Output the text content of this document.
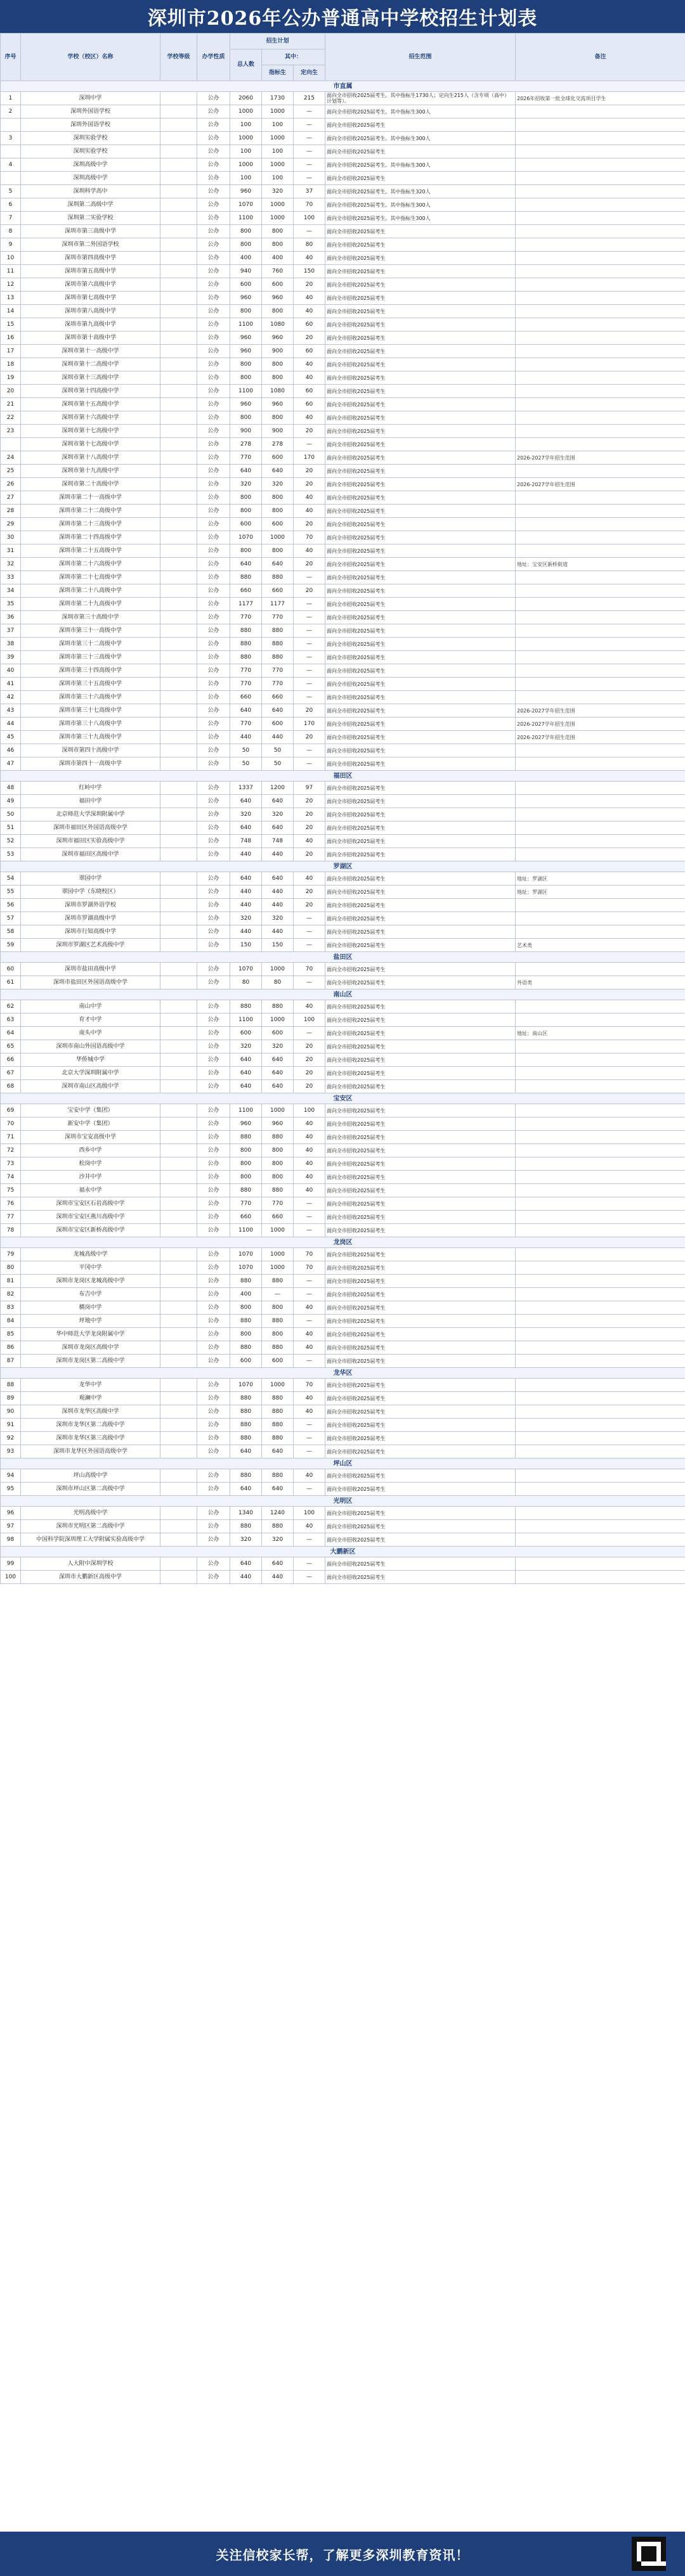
深圳市2026年公办普通高中学校招生计划表
序号	学校（校区）名称	学校等级	办学性质	招生计划			招生范围	备注
				总人数	其中：			
					指标生	定向生		
市直属								
1	深圳中学		公办	2060	1730	215	面向全市招收2025届考生。其中指标生1730人；定向生215人（含专项（高中）计划等）。	2026年招收第一批全球化交流项目学生
2	深圳外国语学校		公办	1000	1000	—	面向全市招收2025届考生。其中指标生300人	
	深圳外国语学校		公办	100	100	—	面向全市招收2025届考生	
3	深圳实验学校		公办	1000	1000	—	面向全市招收2025届考生。其中指标生300人	
	深圳实验学校		公办	100	100	—	面向全市招收2025届考生	
4	深圳高级中学		公办	1000	1000	—	面向全市招收2025届考生。其中指标生300人	
	深圳高级中学		公办	100	100	—	面向全市招收2025届考生	
5	深圳科学高中		公办	960	320	37	面向全市招收2025届考生。其中指标生320人	
6	深圳第二高级中学		公办	1070	1000	70	面向全市招收2025届考生。其中指标生300人	
7	深圳第二实验学校		公办	1100	1000	100	面向全市招收2025届考生。其中指标生300人	
8	深圳市第三高级中学		公办	800	800	—	面向全市招收2025届考生	
9	深圳市第二外国语学校		公办	800	800	80	面向全市招收2025届考生	
10	深圳市第四高级中学		公办	400	400	40	面向全市招收2025届考生	
11	深圳市第五高级中学		公办	940	760	150	面向全市招收2025届考生	
12	深圳市第六高级中学		公办	600	600	20	面向全市招收2025届考生	
13	深圳市第七高级中学		公办	960	960	40	面向全市招收2025届考生	
14	深圳市第八高级中学		公办	800	800	40	面向全市招收2025届考生	
15	深圳市第九高级中学		公办	1100	1080	60	面向全市招收2025届考生	
16	深圳市第十高级中学		公办	960	960	20	面向全市招收2025届考生	
17	深圳市第十一高级中学		公办	960	900	60	面向全市招收2025届考生	
18	深圳市第十二高级中学		公办	800	800	40	面向全市招收2025届考生	
19	深圳市第十三高级中学		公办	800	800	40	面向全市招收2025届考生	
20	深圳市第十四高级中学		公办	1100	1080	60	面向全市招收2025届考生	
21	深圳市第十五高级中学		公办	960	960	60	面向全市招收2025届考生	
22	深圳市第十六高级中学		公办	800	800	40	面向全市招收2025届考生	
23	深圳市第十七高级中学		公办	900	900	20	面向全市招收2025届考生	
	深圳市第十七高级中学		公办	278	278	—	面向全市招收2025届考生	
24	深圳市第十八高级中学		公办	770	600	170	面向全市招收2025届考生	2026-2027学年招生范围
25	深圳市第十九高级中学		公办	640	640	20	面向全市招收2025届考生	
26	深圳市第二十高级中学		公办	320	320	20	面向全市招收2025届考生	2026-2027学年招生范围
27	深圳市第二十一高级中学		公办	800	800	40	面向全市招收2025届考生	
28	深圳市第二十二高级中学		公办	800	800	40	面向全市招收2025届考生	
29	深圳市第二十三高级中学		公办	600	600	20	面向全市招收2025届考生	
30	深圳市第二十四高级中学		公办	1070	1000	70	面向全市招收2025届考生	
31	深圳市第二十五高级中学		公办	800	800	40	面向全市招收2025届考生	
32	深圳市第二十六高级中学		公办	640	640	20	面向全市招收2025届考生	地址：宝安区新桥街道
33	深圳市第二十七高级中学		公办	880	880	—	面向全市招收2025届考生	
34	深圳市第二十八高级中学		公办	660	660	20	面向全市招收2025届考生	
35	深圳市第二十九高级中学		公办	1177	1177	—	面向全市招收2025届考生	
36	深圳市第三十高级中学		公办	770	770	—	面向全市招收2025届考生	
37	深圳市第三十一高级中学		公办	880	880	—	面向全市招收2025届考生	
38	深圳市第三十二高级中学		公办	880	880	—	面向全市招收2025届考生	
39	深圳市第三十三高级中学		公办	880	880	—	面向全市招收2025届考生	
40	深圳市第三十四高级中学		公办	770	770	—	面向全市招收2025届考生	
41	深圳市第三十五高级中学		公办	770	770	—	面向全市招收2025届考生	
42	深圳市第三十六高级中学		公办	660	660	—	面向全市招收2025届考生	
43	深圳市第三十七高级中学		公办	640	640	20	面向全市招收2025届考生	2026-2027学年招生范围
44	深圳市第三十八高级中学		公办	770	600	170	面向全市招收2025届考生	2026-2027学年招生范围
45	深圳市第三十九高级中学		公办	440	440	20	面向全市招收2025届考生	2026-2027学年招生范围
46	深圳市第四十高级中学		公办	50	50	—	面向全市招收2025届考生	
47	深圳市第四十一高级中学		公办	50	50	—	面向全市招收2025届考生	
福田区								
48	红岭中学		公办	1337	1200	97	面向全市招收2025届考生	
49	福田中学		公办	640	640	20	面向全市招收2025届考生	
50	北京师范大学深圳附属中学		公办	320	320	20	面向全市招收2025届考生	
51	深圳市福田区外国语高级中学		公办	640	640	20	面向全市招收2025届考生	
52	深圳市福田区实验高级中学		公办	748	748	40	面向全市招收2025届考生	
53	深圳市福田区高级中学		公办	440	440	20	面向全市招收2025届考生	
罗湖区								
54	翠园中学		公办	640	640	40	面向全市招收2025届考生	地址：罗湖区
55	翠园中学（东晓校区）		公办	440	440	20	面向全市招收2025届考生	地址：罗湖区
56	深圳市罗湖外语学校		公办	440	440	20	面向全市招收2025届考生	
57	深圳市罗湖高级中学		公办	320	320	—	面向全市招收2025届考生	
58	深圳市行知高级中学		公办	440	440	—	面向全市招收2025届考生	
59	深圳市罗湖区艺术高级中学		公办	150	150	—	面向全市招收2025届考生	艺术类
盐田区								
60	深圳市盐田高级中学		公办	1070	1000	70	面向全市招收2025届考生	
61	深圳市盐田区外国语高级中学		公办	80	80	—	面向全市招收2025届考生	外语类
南山区								
62	南山中学		公办	880	880	40	面向全市招收2025届考生	
63	育才中学		公办	1100	1000	100	面向全市招收2025届考生	
64	南头中学		公办	600	600	—	面向全市招收2025届考生	地址：南山区
65	深圳市南山外国语高级中学		公办	320	320	20	面向全市招收2025届考生	
66	华侨城中学		公办	640	640	20	面向全市招收2025届考生	
67	北京大学深圳附属中学		公办	640	640	20	面向全市招收2025届考生	
68	深圳市南山区高级中学		公办	640	640	20	面向全市招收2025届考生	
宝安区								
69	宝安中学（集团）		公办	1100	1000	100	面向全市招收2025届考生	
70	新安中学（集团）		公办	960	960	40	面向全市招收2025届考生	
71	深圳市宝安高级中学		公办	880	880	40	面向全市招收2025届考生	
72	西乡中学		公办	800	800	40	面向全市招收2025届考生	
73	松岗中学		公办	800	800	40	面向全市招收2025届考生	
74	沙井中学		公办	800	800	40	面向全市招收2025届考生	
75	福永中学		公办	880	880	40	面向全市招收2025届考生	
76	深圳市宝安区石岩高级中学		公办	770	770	—	面向全市招收2025届考生	
77	深圳市宝安区燕川高级中学		公办	660	660	—	面向全市招收2025届考生	
78	深圳市宝安区新桥高级中学		公办	1100	1000	—	面向全市招收2025届考生	
龙岗区								
79	龙城高级中学		公办	1070	1000	70	面向全市招收2025届考生	
80	平冈中学		公办	1070	1000	70	面向全市招收2025届考生	
81	深圳市龙岗区龙城高级中学		公办	880	880	—	面向全市招收2025届考生	
82	布吉中学		公办	400	—	—	面向全市招收2025届考生	
83	横岗中学		公办	800	800	40	面向全市招收2025届考生	
84	坪地中学		公办	880	880	—	面向全市招收2025届考生	
85	华中师范大学龙岗附属中学		公办	800	800	40	面向全市招收2025届考生	
86	深圳市龙岗区高级中学		公办	880	880	40	面向全市招收2025届考生	
87	深圳市龙岗区第二高级中学		公办	600	600	—	面向全市招收2025届考生	
龙华区								
88	龙华中学		公办	1070	1000	70	面向全市招收2025届考生	
89	观澜中学		公办	880	880	40	面向全市招收2025届考生	
90	深圳市龙华区高级中学		公办	880	880	40	面向全市招收2025届考生	
91	深圳市龙华区第二高级中学		公办	880	880	—	面向全市招收2025届考生	
92	深圳市龙华区第三高级中学		公办	880	880	—	面向全市招收2025届考生	
93	深圳市龙华区外国语高级中学		公办	640	640	—	面向全市招收2025届考生	
坪山区								
94	坪山高级中学		公办	880	880	40	面向全市招收2025届考生	
95	深圳市坪山区第二高级中学		公办	640	640	—	面向全市招收2025届考生	
光明区								
96	光明高级中学		公办	1340	1240	100	面向全市招收2025届考生	
97	深圳市光明区第二高级中学		公办	880	880	40	面向全市招收2025届考生	
98	中国科学院深圳理工大学附属实验高级中学		公办	320	320	—	面向全市招收2025届考生	
大鹏新区								
99	人大附中深圳学校		公办	640	640	—	面向全市招收2025届考生	
100	深圳市大鹏新区高级中学		公办	440	440	—	面向全市招收2025届考生	
关注信校家长帮，了解更多深圳教育资讯！
